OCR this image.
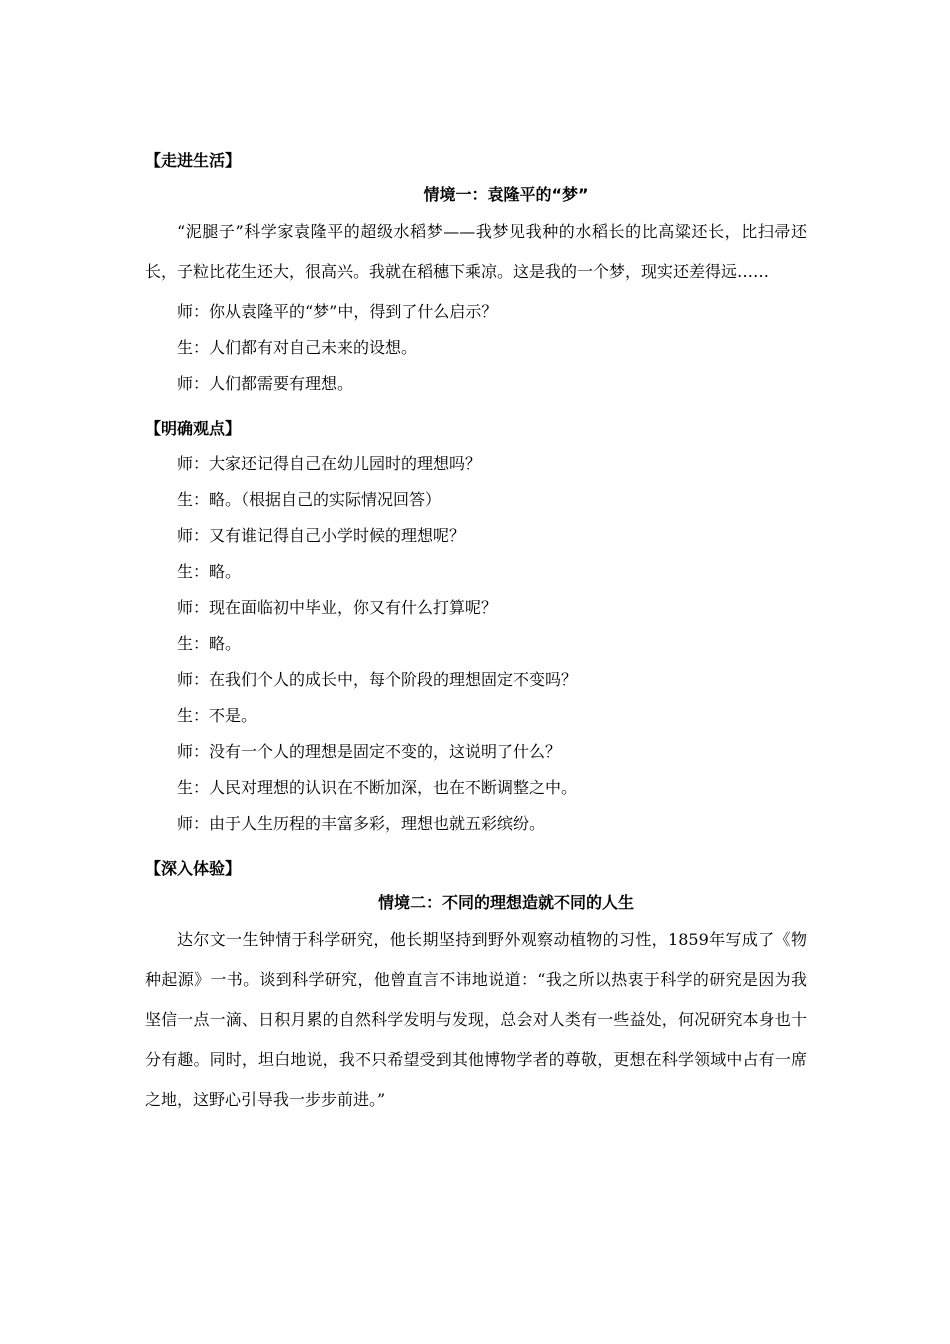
【走进生活】
情境一：袁隆平的“梦”

“泥腿子”科学家袁隆平的超级水稻梦——我梦见我种的水稻长的比高粱还长，比扫帚还长，子粒比花生还大，很高兴。我就在稻穗下乘凉。这是我的一个梦，现实还差得远……

师：你从袁隆平的“梦”中，得到了什么启示？
生：人们都有对自己未来的设想。
师：人们都需要有理想。
【明确观点】
师：大家还记得自己在幼儿园时的理想吗？
生：略。（根据自己的实际情况回答）
师：又有谁记得自己小学时候的理想呢？
生：略。
师：现在面临初中毕业，你又有什么打算呢？
生：略。
师：在我们个人的成长中，每个阶段的理想固定不变吗？
生：不是。
师：没有一个人的理想是固定不变的，这说明了什么？
生：人民对理想的认识在不断加深，也在不断调整之中。
师：由于人生历程的丰富多彩，理想也就五彩缤纷。
【深入体验】
情境二：不同的理想造就不同的人生

达尔文一生钟情于科学研究，他长期坚持到野外观察动植物的习性，1859年写成了《物种起源》一书。谈到科学研究，他曾直言不讳地说道：“我之所以热衷于科学的研究是因为我坚信一点一滴、日积月累的自然科学发明与发现，总会对人类有一些益处，何况研究本身也十分有趣。同时，坦白地说，我不只希望受到其他博物学者的尊敬，更想在科学领域中占有一席之地，这野心引导我一步步前进。”
